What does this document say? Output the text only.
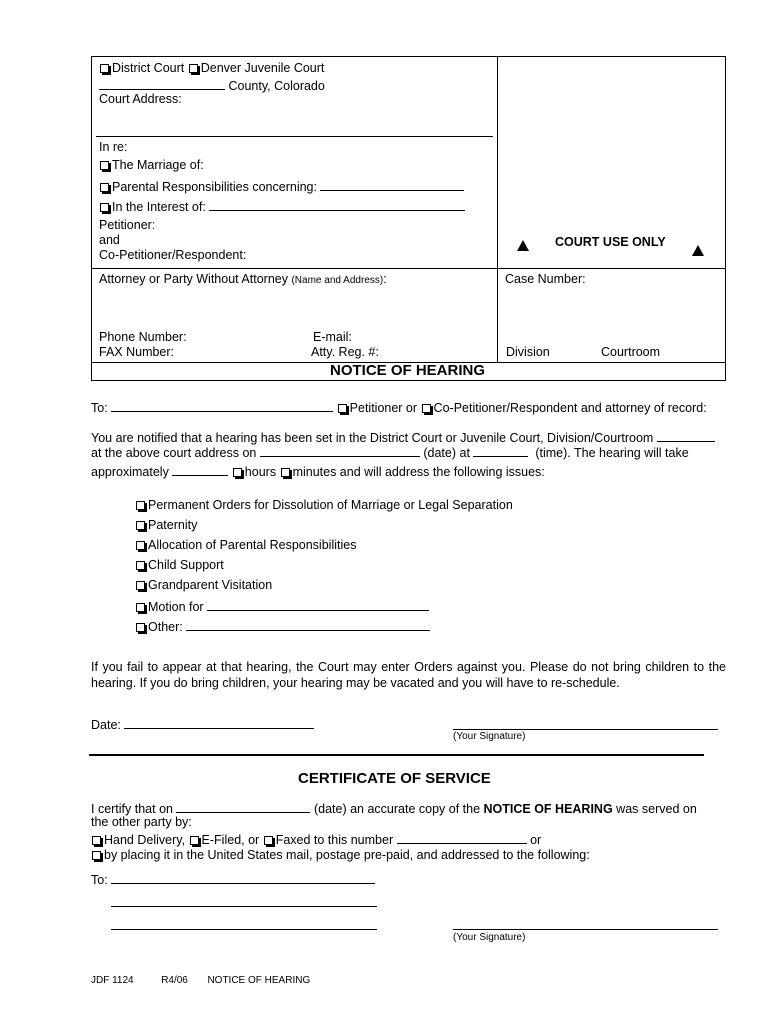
District Court Denver Juvenile Court
County, Colorado
Court Address:
In re:
The Marriage of:
Parental Responsibilities concerning:
In the Interest of:
Petitioner:
and
Co-Petitioner/Respondent:
COURT USE ONLY
Attorney or Party Without Attorney (Name and Address):	Case Number:
Phone Number:	E-mail:
FAX Number:	Atty. Reg. #:	Division	Courtroom
NOTICE OF HEARING
To:	Petitioner or Co-Petitioner/Respondent and attorney of record:
You are notified that a hearing has been set in the District Court or Juvenile Court, Division/Courtroom
at the above court address on	(date) at	(time). The hearing will take
approximately	hours minutes and will address the following issues:
Permanent Orders for Dissolution of Marriage or Legal Separation
Paternity
Allocation of Parental Responsibilities
Child Support
Grandparent Visitation
Motion for
Other:
If you fail to appear at that hearing, the Court may enter Orders against you. Please do not bring children to the hearing. If you do bring children, your hearing may be vacated and you will have to re-schedule.
Date:
(Your Signature)
CERTIFICATE OF SERVICE
I certify that on	(date) an accurate copy of the NOTICE OF HEARING was served on
the other party by:
Hand Delivery, E-Filed, or Faxed to this number	or
by placing it in the United States mail, postage pre-paid, and addressed to the following:
To:
(Your Signature)
JDF 1124	R4/06 NOTICE OF HEARING
